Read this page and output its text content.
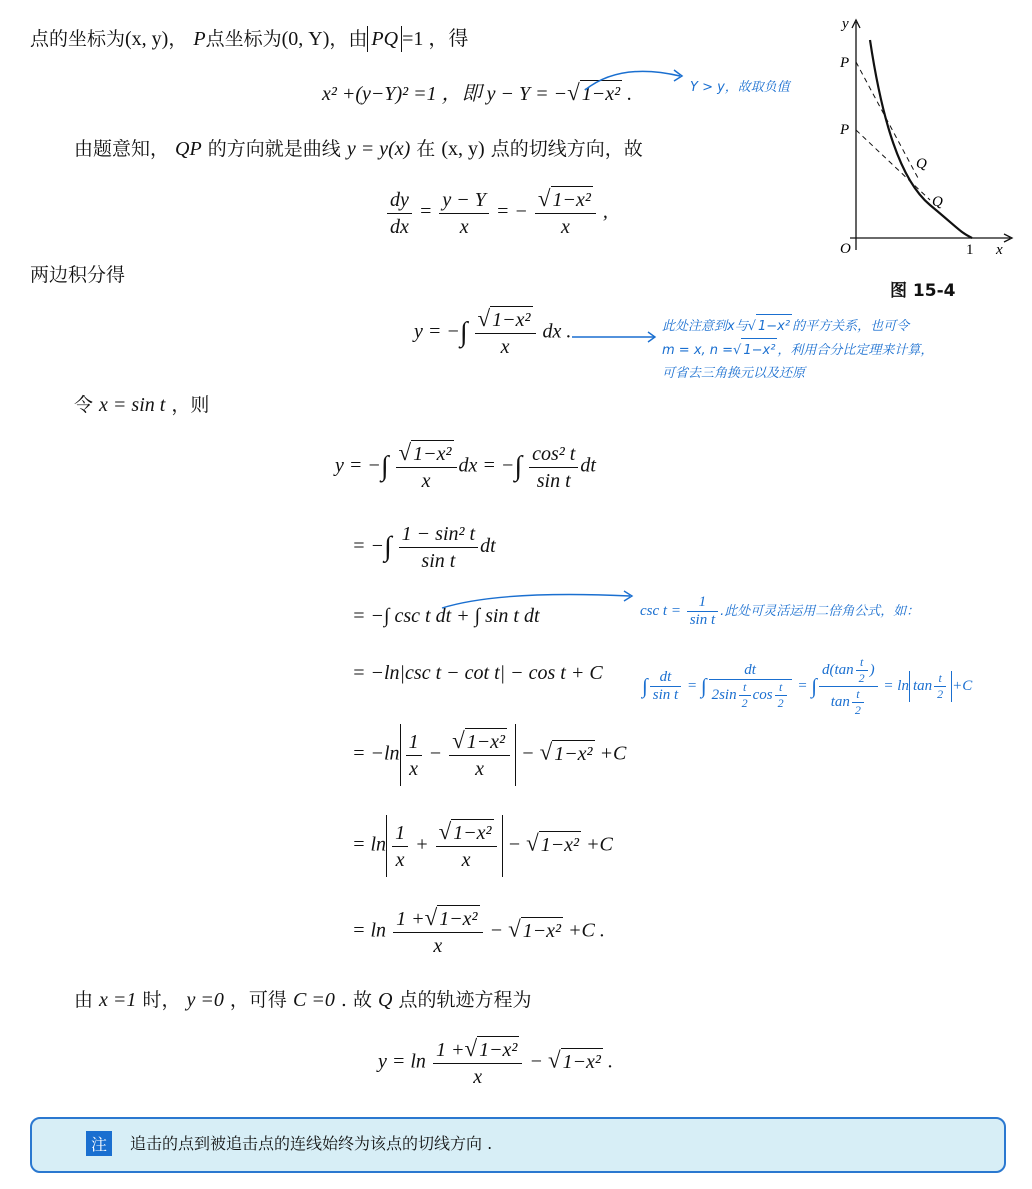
点的坐标为(x, y)， P点坐标为(0, Y)，由 PQ =1 ，得
x² +(y−Y)² =1 ，即 y − Y = −√ 1−x² .	Y > y，故取负值
由题意知， QP 的方向就是曲线 y = y(x) 在 (x, y) 点的切线方向，故
$\frac{dy}{dx} = \frac{y - Y}{x}$ = − $\frac{\text{√ 1−x²}}{x}$ ,
两边积分得
y = −∫ $\frac{\text{√ 1−x²}}{x}$ dx .	此处注意到x与√ 1−x² 的平方关系，也可令
m = x, n =√ 1−x² ，利用合分比定理来计算，
可省去三角换元以及还原
令 x = sin t ，则
y = −∫ $\frac{\text{√ 1−x²}}{x}$ dx = −∫ $\frac{\text{cos² t}}{\text{sin t}}$ dt
= −∫ $\frac{\text{1 − sin² t}}{\text{sin t}}$ dt
= −∫ csc t dt + ∫ sin t dt	$\csc t = \frac{1}{\text{sin t}}$ .此处可灵活运用二倍角公式，如：
= −ln|csc t − cot t| − cos t + C
∫ $\frac{dt}{\text{sin t}}$ = ∫ $\frac{dt}{2\sin \frac{t}{2} \cos \frac{t}{2}}$ = ∫ $\frac{d(\tan \frac{t}{2} )}{\tan \frac{t}{2}} = \ln \tan \frac{t}{2} +C$
= $-\ln \frac{1}{x} - \frac{\text{√ 1−x²}}{x}$ − √ 1−x² +C
= $\ln \frac{1}{x} + \frac{\text{√ 1−x²}}{x}$ − √ 1−x² +C
= $\ln \frac{\text{1 +√ 1−x²}}{x}$ − √ 1−x² +C .
由 x =1 时， y =0 ，可得 C =0 . 故 Q 点的轨迹方程为
$y = \ln \frac{\text{1 +√ 1−x²}}{x}$ − √ 1−x² .
P
P
Q
Q
O	1 x
y
图 15-4
注	追击的点到被追击点的连线始终为该点的切线方向 .
